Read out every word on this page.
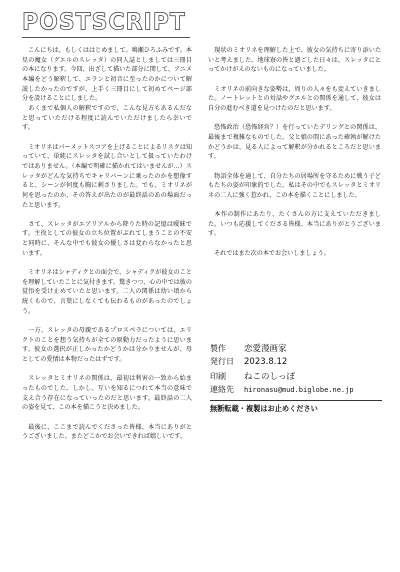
POSTSCRIPT
　こんにちは、もしくははじめまして。鳴瀬ひろふみです。本星の魔女（グエルのスレッタ）の同人誌としましては三冊目の本になります。今回、出ざして描いた部分に関して、アニメ本編をどう解釈して、エランと初音に至ったのかについて解説したかったのですが、上手く三冊目にして初めてページ部分を設けることにしました。
　あくまで私個人の解釈ですので、こんな見方もあるんだなと思っていただける程度に読んでいただけましたら幸いです。

　ミオリネはパーメットスコアを上げることによるリスクは知っていて、単純にスレッタを試し合いとして扱っていたわけではありません。（本編で明確に描かれてはいませんが…）スレッタがどんな気持ちでキャリバーンに乗ったのかを想像すると、シーンが何度も胸に刺さりました。でも、ミオリネが何を思ったのか、その答えが出たのが最終話のあの場面だったと思います。

　さて、スレッタがエアリアルから降りた時の記憶は曖昧です。主役としての彼女の立ち位置がぶれてしまうことの不安と同時に、そんな中でも彼女の優しさは変わらなかったと思います。

　ミオリネはシャディクとの面会で、シャディクが彼女のことを理解していたことに気付きます。驚きつつ、心の中では彼の覚悟を受け止めていたと思います。二人の関係は幼い頃から続くもので、言葉にしなくても伝わるものがあったのでしょう。

　一方、スレッタの母親であるプロスペラについては、エリクトのことを想う気持ちが全ての原動力だったように思います。彼女の選択が正しかったかどうかは分かりませんが、母としての愛情は本物だったはずです。

　スレッタとミオリネの関係は、最初は利害の一致から始まったものでした。しかし、互いを知るにつれて本当の意味で支え合う存在になっていったのだと思います。最終話の二人の姿を見て、この本を描こうと決めました。

　最後に、ここまで読んでくださった皆様、本当にありがとうございました。またどこかでお会いできれば嬉しいです。
　現状のミオリネを理解した上で、彼女の気持ちに寄り添いたいと考えました。地球寮の皆と過ごした日々は、スレッタにとってかけがえのないものになっていました。

　ミオリネの前向きな姿勢は、周りの人々をも変えていきました。ノートレットとの対話やグエルとの関係を通して、彼女は自分の進むべき道を見つけたのだと思います。

　恐怖政治（恐怖経営？）を行っていたデリングとの関係は、最後まで複雑なものでした。父と娘の間にあった確執が解けたかどうかは、見る人によって解釈が分かれるところだと思います。

　物語全体を通して、自分たちの居場所を守るために戦う子どもたちの姿が印象的でした。私はその中でもスレッタとミオリネの二人に強く惹かれ、この本を描くことにしました。

　本作の制作にあたり、たくさんの方に支えていただきました。いつも応援してくださる皆様、本当にありがとうございます。

　それではまた次の本でお会いしましょう。
製作	恋愛漫画家
発行日	2023.8.12
印刷	ねこのしっぽ
連絡先	hironasu@mud.biglobe.ne.jp
無断転載・複製はお止めください
